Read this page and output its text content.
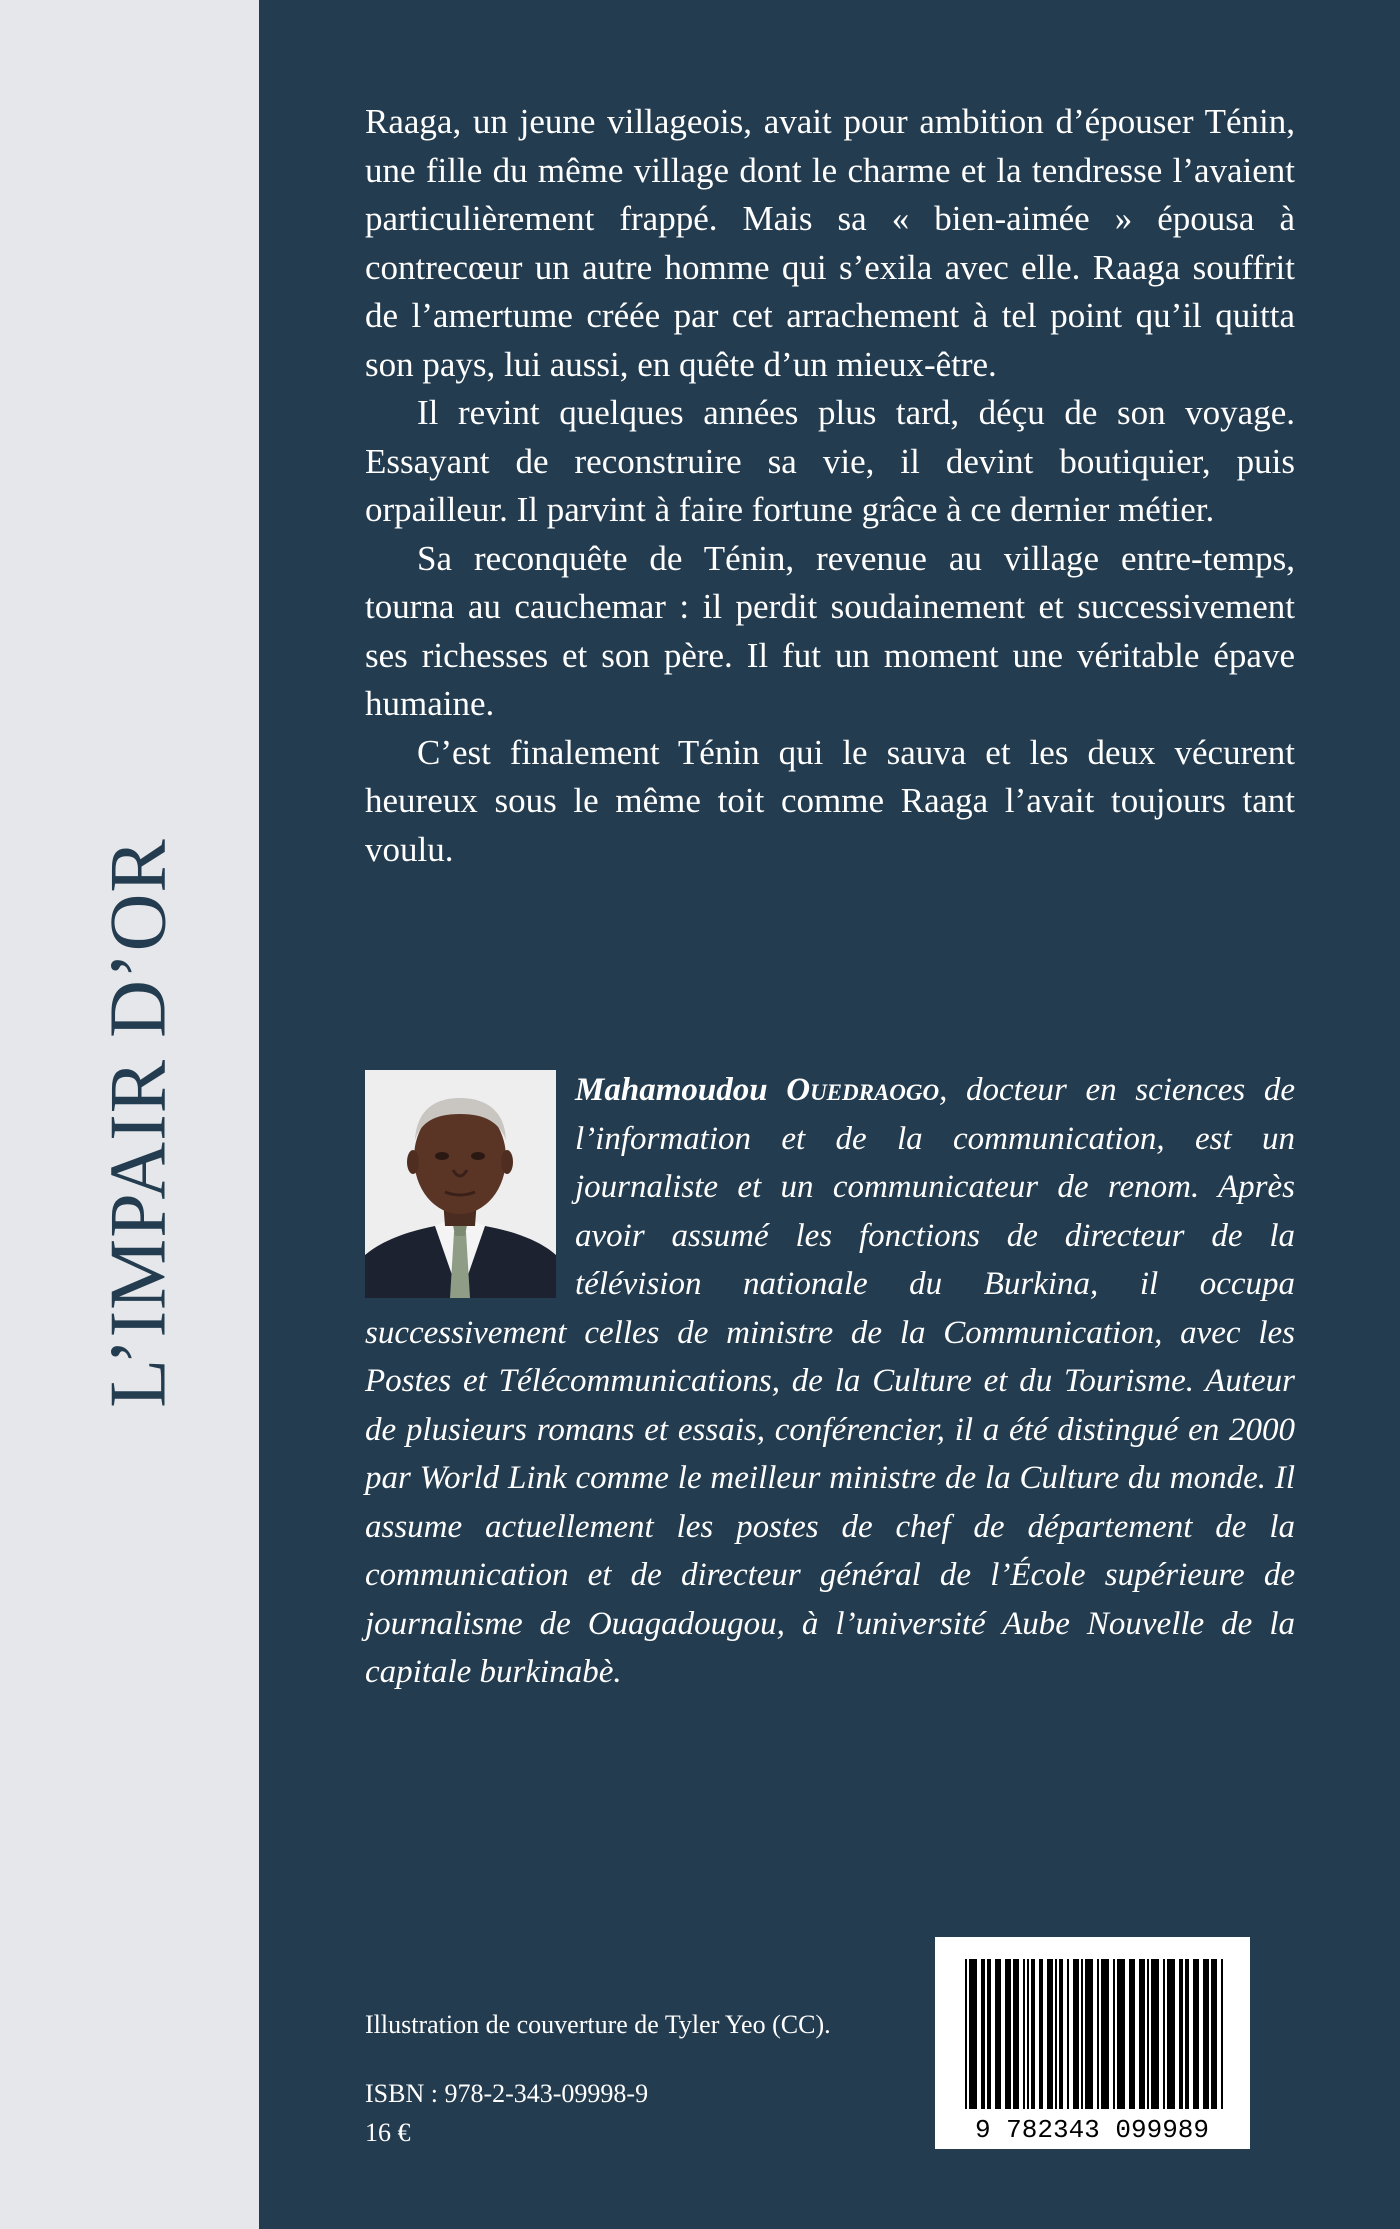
L’IMPAIR D’OR

Raaga, un jeune villageois, avait pour ambition d’épouser Ténin, une fille du même village dont le charme et la tendresse l’avaient particulièrement frappé. Mais sa « bien-aimée » épousa à contrecœur un autre homme qui s’exila avec elle. Raaga souffrit de l’amertume créée par cet arrachement à tel point qu’il quitta son pays, lui aussi, en quête d’un mieux-être.

Il revint quelques années plus tard, déçu de son voyage. Essayant de reconstruire sa vie, il devint boutiquier, puis orpailleur. Il parvint à faire fortune grâce à ce dernier métier.

Sa reconquête de Ténin, revenue au village entre-temps, tourna au cauchemar : il perdit soudainement et successivement ses richesses et son père. Il fut un moment une véritable épave humaine.

C’est finalement Ténin qui le sauva et les deux vécurent heureux sous le même toit comme Raaga l’avait toujours tant voulu.

Mahamoudou Ouedraogo, docteur en sciences de l’information et de la communication, est un journaliste et un communicateur de renom. Après avoir assumé les fonctions de directeur de la télévision nationale du Burkina, il occupa successivement celles de ministre de la Communication, avec les Postes et Télécommunications, de la Culture et du Tourisme. Auteur de plusieurs romans et essais, conférencier, il a été distingué en 2000 par World Link comme le meilleur ministre de la Culture du monde. Il assume actuellement les postes de chef de département de la communication et de directeur général de l’École supérieure de journalisme de Ouagadougou, à l’université Aube Nouvelle de la capitale burkinabè.
Illustration de couverture de Tyler Yeo (CC).
ISBN : 978-2-343-09998-9
16 €	9 782343 099989
